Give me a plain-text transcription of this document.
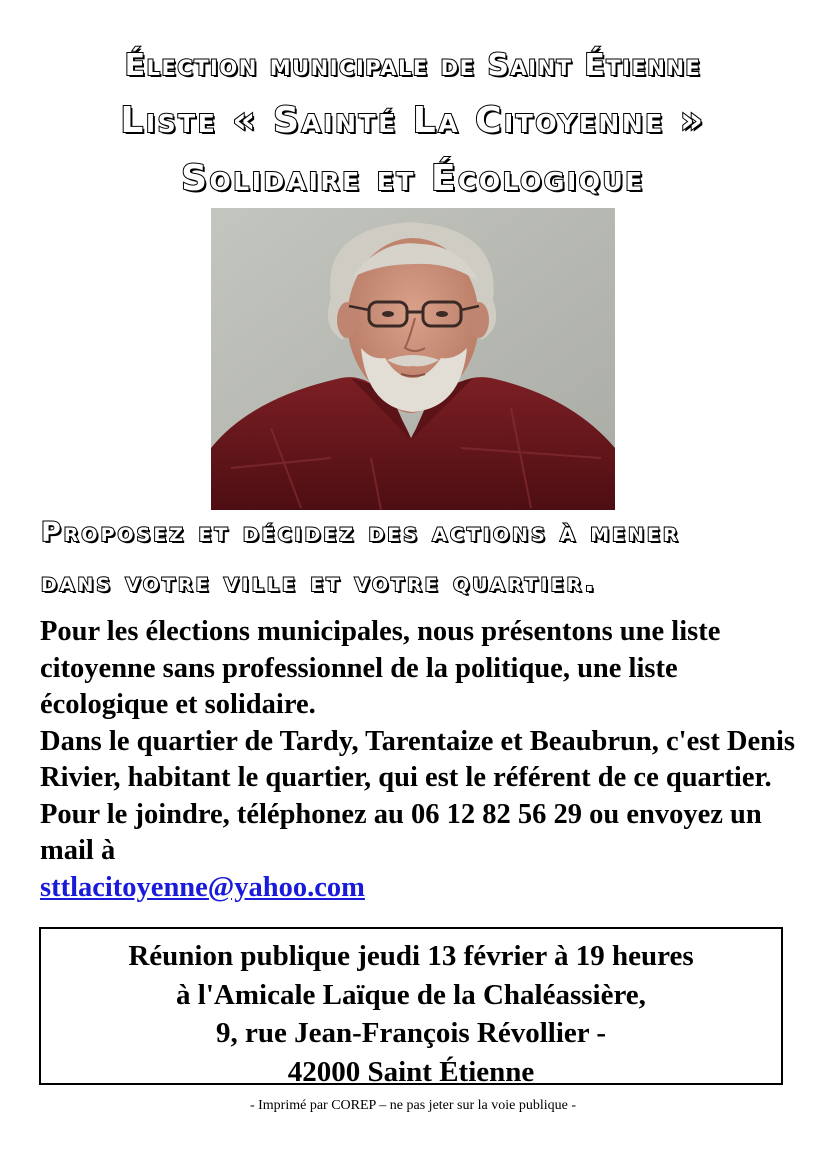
Élection municipale de Saint Étienne
Liste « Sainté La Citoyenne »
Solidaire et Écologique
Proposez et décidez des actions à mener
dans votre ville et votre quartier.

Pour les élections municipales, nous présentons une liste citoyenne sans professionnel de la politique, une liste écologique et solidaire.

Dans le quartier de Tardy, Tarentaize et Beaubrun, c'est Denis Rivier, habitant le quartier, qui est le référent de ce quartier. Pour le joindre, téléphonez au 06 12 82 56 29 ou envoyez un mail à
sttlacitoyenne@yahoo.com

Réunion publique jeudi 13 février à 19 heures
à l'Amicale Laïque de la Chaléassière,
9, rue Jean-François Révollier -
42000 Saint Étienne
- Imprimé par COREP – ne pas jeter sur la voie publique -
